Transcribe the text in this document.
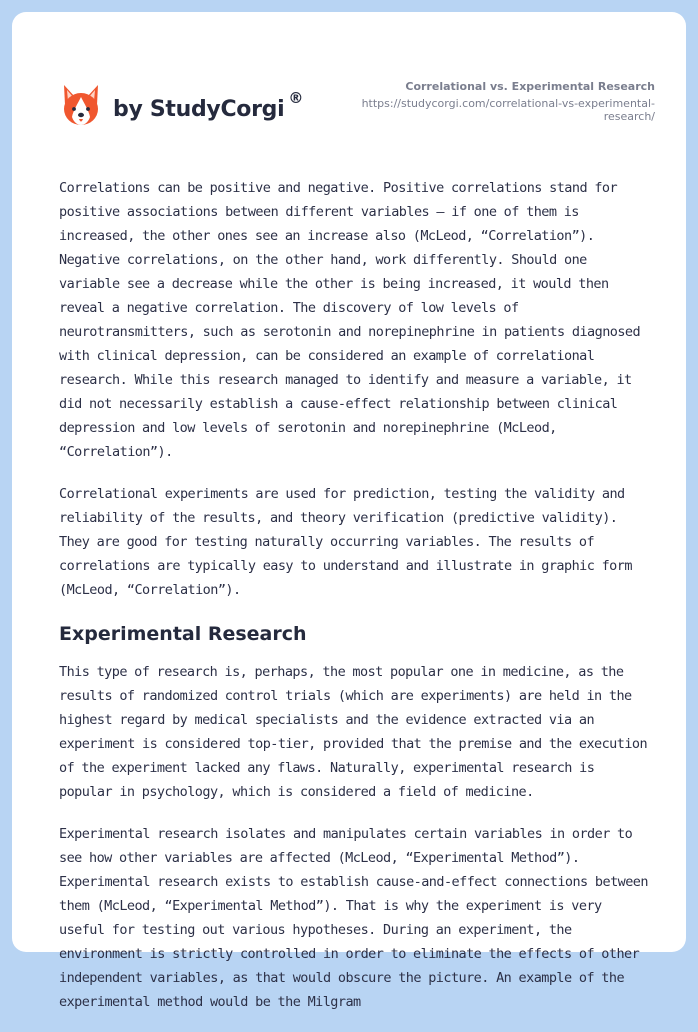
by StudyCorgi ®
Correlational vs. Experimental Research
https://studycorgi.com/correlational-vs-experimental-research/

Correlations can be positive and negative. Positive correlations stand for positive associations between different variables – if one of them is increased, the other ones see an increase also (McLeod, “Correlation”). Negative correlations, on the other hand, work differently. Should one variable see a decrease while the other is being increased, it would then reveal a negative correlation. The discovery of low levels of neurotransmitters, such as serotonin and norepinephrine in patients diagnosed with clinical depression, can be considered an example of correlational research. While this research managed to identify and measure a variable, it did not necessarily establish a cause-effect relationship between clinical depression and low levels of serotonin and norepinephrine (McLeod, “Correlation”).

Correlational experiments are used for prediction, testing the validity and reliability of the results, and theory verification (predictive validity). They are good for testing naturally occurring variables. The results of correlations are typically easy to understand and illustrate in graphic form (McLeod, “Correlation”).

Experimental Research

This type of research is, perhaps, the most popular one in medicine, as the results of randomized control trials (which are experiments) are held in the highest regard by medical specialists and the evidence extracted via an experiment is considered top-tier, provided that the premise and the execution of the experiment lacked any flaws. Naturally, experimental research is popular in psychology, which is considered a field of medicine.

Experimental research isolates and manipulates certain variables in order to see how other variables are affected (McLeod, “Experimental Method”). Experimental research exists to establish cause-and-effect connections between them (McLeod, “Experimental Method”). That is why the experiment is very useful for testing out various hypotheses. During an experiment, the environment is strictly controlled in order to eliminate the effects of other independent variables, as that would obscure the picture. An example of the experimental method would be the Milgram
